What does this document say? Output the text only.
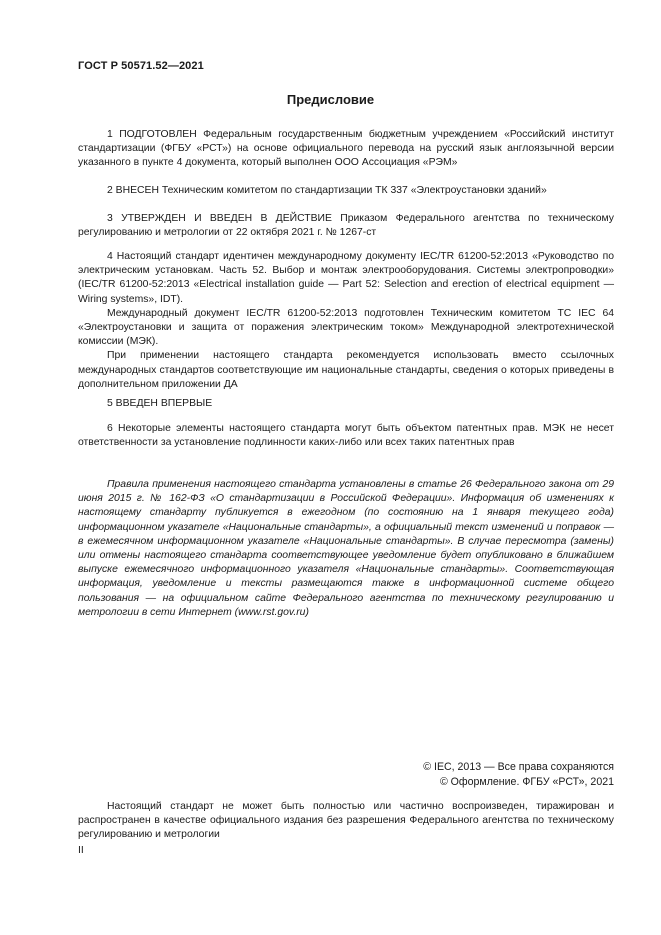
ГОСТ Р 50571.52—2021
Предисловие

1 ПОДГОТОВЛЕН Федеральным государственным бюджетным учреждением «Российский институт стандартизации (ФГБУ «РСТ») на основе официального перевода на русский язык англоязычной версии указанного в пункте 4 документа, который выполнен ООО Ассоциация «РЭМ»

2 ВНЕСЕН Техническим комитетом по стандартизации ТК 337 «Электроустановки зданий»

3 УТВЕРЖДЕН И ВВЕДЕН В ДЕЙСТВИЕ Приказом Федерального агентства по техническому регулированию и метрологии от 22 октября 2021 г. № 1267-ст

4 Настоящий стандарт идентичен международному документу IEC/TR 61200-52:2013 «Руководство по электрическим установкам. Часть 52. Выбор и монтаж электрооборудования. Системы электропроводки» (IEC/TR 61200-52:2013 «Electrical installation guide — Part 52: Selection and erection of electrical equipment — Wiring systems», IDT).

Международный документ IEC/TR 61200-52:2013 подготовлен Техническим комитетом ТС IEC 64 «Электроустановки и защита от поражения электрическим током» Международной электротехнической комиссии (МЭК).

При применении настоящего стандарта рекомендуется использовать вместо ссылочных международных стандартов соответствующие им национальные стандарты, сведения о которых приведены в дополнительном приложении ДА

5 ВВЕДЕН ВПЕРВЫЕ

6 Некоторые элементы настоящего стандарта могут быть объектом патентных прав. МЭК не несет ответственности за установление подлинности каких-либо или всех таких патентных прав

Правила применения настоящего стандарта установлены в статье 26 Федерального закона от 29 июня 2015 г. № 162-ФЗ «О стандартизации в Российской Федерации». Информация об изменениях к настоящему стандарту публикуется в ежегодном (по состоянию на 1 января текущего года) информационном указателе «Национальные стандарты», а официальный текст изменений и поправок — в ежемесячном информационном указателе «Национальные стандарты». В случае пересмотра (замены) или отмены настоящего стандарта соответствующее уведомление будет опубликовано в ближайшем выпуске ежемесячного информационного указателя «Национальные стандарты». Соответствующая информация, уведомление и тексты размещаются также в информационной системе общего пользования — на официальном сайте Федерального агентства по техническому регулированию и метрологии в сети Интернет (www.rst.gov.ru)

© IEC, 2013 — Все права сохраняются
© Оформление. ФГБУ «РСТ», 2021

Настоящий стандарт не может быть полностью или частично воспроизведен, тиражирован и распространен в качестве официального издания без разрешения Федерального агентства по техническому регулированию и метрологии

II
